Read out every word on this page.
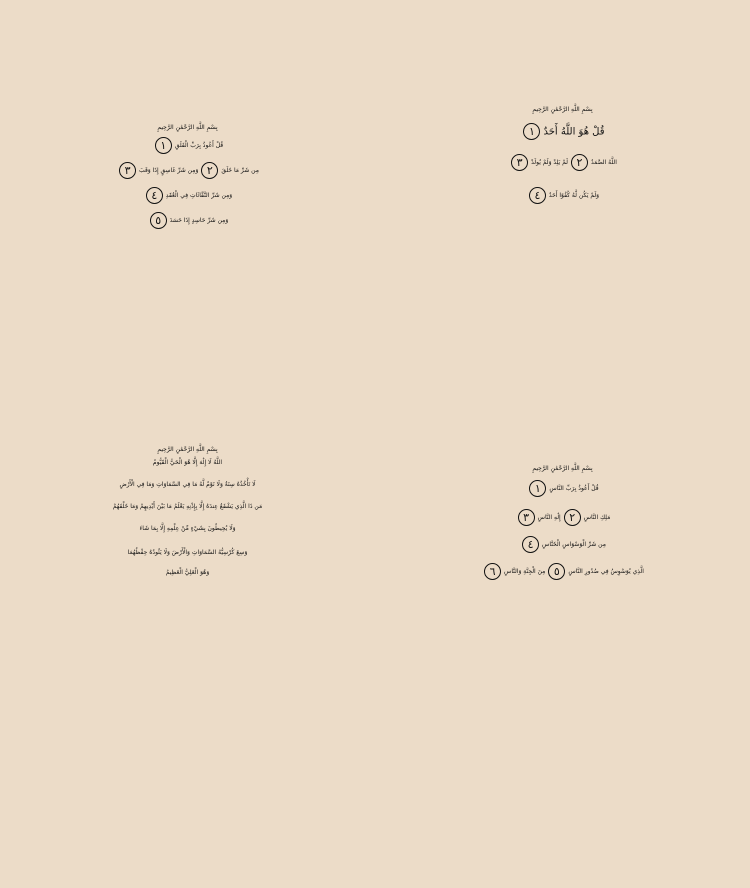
بِسْمِ اللَّهِ الرَّحْمَٰنِ الرَّحِيمِ
قُلْ هُوَ اللَّهُ أَحَدٌ١
اللَّهُ الصَّمَدُ٢لَمْ يَلِدْ وَلَمْ يُولَدْ٣
وَلَمْ يَكُن لَّهُ كُفُوًا أَحَدٌ٤
بِسْمِ اللَّهِ الرَّحْمَٰنِ الرَّحِيمِ
قُلْ أَعُوذُ بِرَبِّ الْفَلَقِ١
مِن شَرِّ مَا خَلَقَ٢وَمِن شَرِّ غَاسِقٍ إِذَا وَقَبَ٣
وَمِن شَرِّ النَّفَّاثَاتِ فِي الْعُقَدِ٤
وَمِن شَرِّ حَاسِدٍ إِذَا حَسَدَ٥
بِسْمِ اللَّهِ الرَّحْمَٰنِ الرَّحِيمِ
قُلْ أَعُوذُ بِرَبِّ النَّاسِ١
مَلِكِ النَّاسِ٢إِلَٰهِ النَّاسِ٣
مِن شَرِّ الْوَسْوَاسِ الْخَنَّاسِ٤
الَّذِي يُوَسْوِسُ فِي صُدُورِ النَّاسِ٥مِنَ الْجِنَّةِ وَالنَّاسِ٦
بِسْمِ اللَّهِ الرَّحْمَٰنِ الرَّحِيمِ
اللَّهُ لَا إِلَٰهَ إِلَّا هُوَ الْحَيُّ الْقَيُّومُ
لَا تَأْخُذُهُ سِنَةٌ وَلَا نَوْمٌ لَّهُ مَا فِي السَّمَاوَاتِ وَمَا فِي الْأَرْضِ
مَن ذَا الَّذِي يَشْفَعُ عِندَهُ إِلَّا بِإِذْنِهِ يَعْلَمُ مَا بَيْنَ أَيْدِيهِمْ وَمَا خَلْفَهُمْ
وَلَا يُحِيطُونَ بِشَيْءٍ مِّنْ عِلْمِهِ إِلَّا بِمَا شَاءَ
وَسِعَ كُرْسِيُّهُ السَّمَاوَاتِ وَالْأَرْضَ وَلَا يَئُودُهُ حِفْظُهُمَا
وَهُوَ الْعَلِيُّ الْعَظِيمُ
